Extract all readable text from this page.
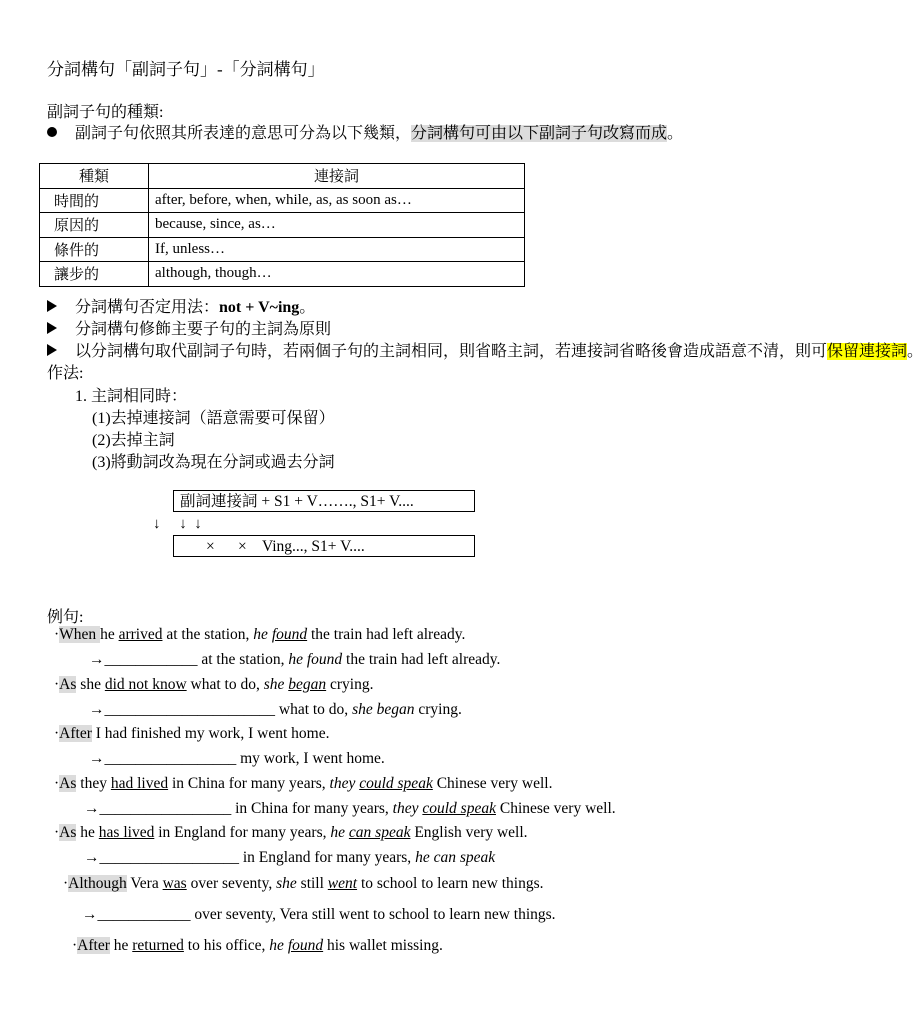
分詞構句「副詞子句」-「分詞構句」
副詞子句的種類:
副詞子句依照其所表達的意思可分為以下幾類，分詞構句可由以下副詞子句改寫而成。
種類	連接詞
時間的	after, before, when, while, as, as soon as…
原因的	because, since, as…
條件的	If, unless…
讓步的	although, though…
分詞構句否定用法：not + V~ing。
分詞構句修飾主要子句的主詞為原則
以分詞構句取代副詞子句時，若兩個子句的主詞相同，則省略主詞，若連接詞省略後會造成語意不清，則可保留連接詞。
作法:
1. 主詞相同時：
(1)去掉連接詞（語意需要可保留）
(2)去掉主詞
(3)將動詞改為現在分詞或過去分詞
副詞連接詞 + S1 + V……., S1+ V....
↓     ↓  ↓
×      ×    Ving..., S1+ V....
例句:
·When he arrived at the station, he found the train had left already.
→____________ at the station, he found the train had left already.
·As she did not know what to do, she began crying.
→______________________ what to do, she began crying.
·After I had finished my work, I went home.
→_________________ my work, I went home.
·As they had lived in China for many years, they could speak Chinese very well.
→_________________ in China for many years, they could speak Chinese very well.
·As he has lived in England for many years, he can speak English very well.
→__________________ in England for many years, he can speak
·Although Vera was over seventy, she still went to school to learn new things.
→____________ over seventy, Vera still went to school to learn new things.
·After he returned to his office, he found his wallet missing.
